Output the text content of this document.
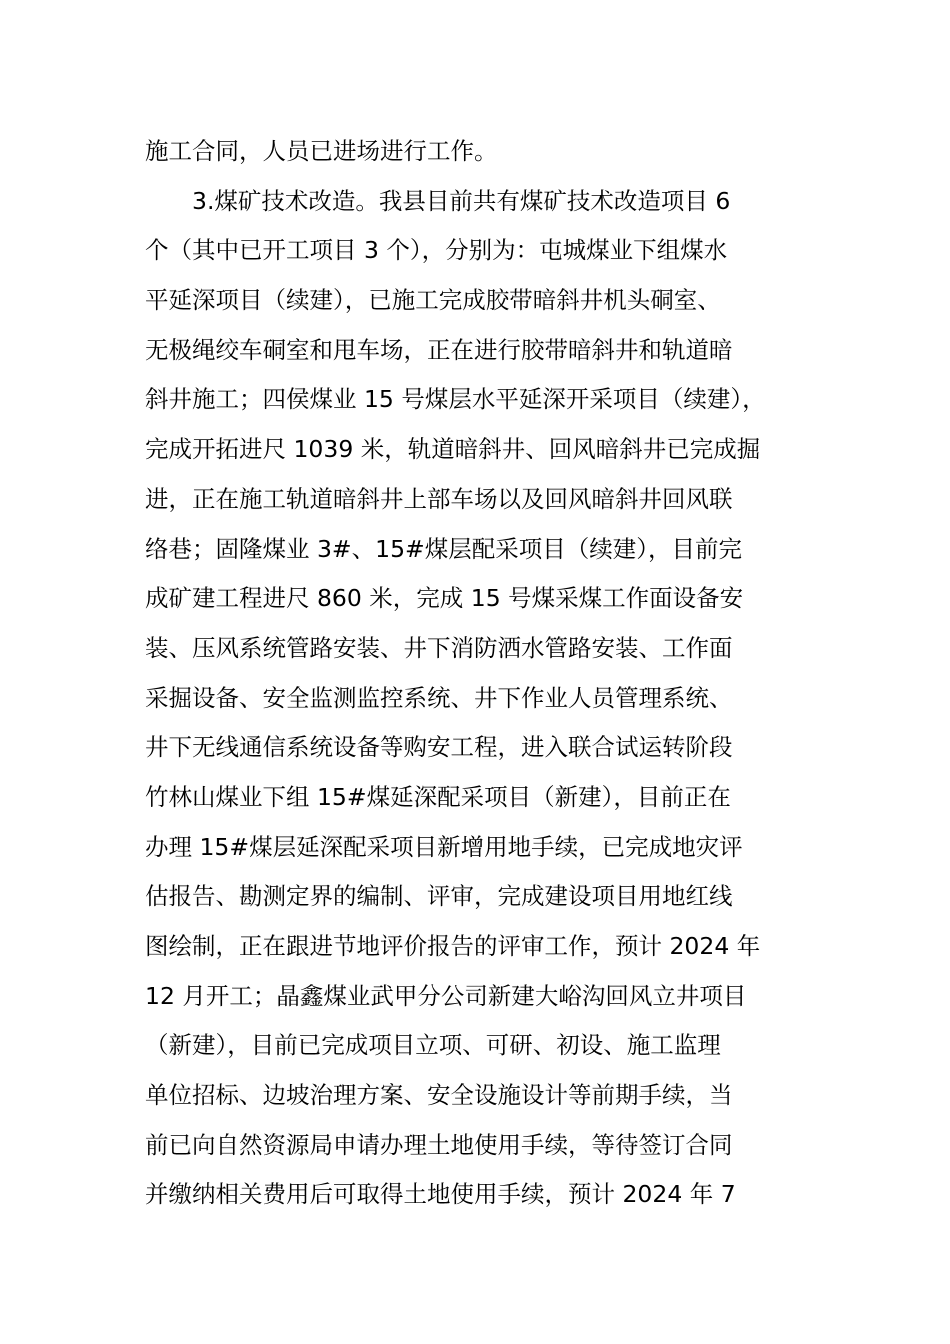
施工合同，人员已进场进行工作。
3.煤矿技术改造。我县目前共有煤矿技术改造项目 6
个（其中已开工项目 3 个），分别为：屯城煤业下组煤水
平延深项目（续建），已施工完成胶带暗斜井机头硐室、
无极绳绞车硐室和甩车场，正在进行胶带暗斜井和轨道暗
斜井施工；四侯煤业 15 号煤层水平延深开采项目（续建），
完成开拓进尺 1039 米，轨道暗斜井、回风暗斜井已完成掘
进，正在施工轨道暗斜井上部车场以及回风暗斜井回风联
络巷；固隆煤业 3#、15#煤层配采项目（续建），目前完
成矿建工程进尺 860 米，完成 15 号煤采煤工作面设备安
装、压风系统管路安装、井下消防洒水管路安装、工作面
采掘设备、安全监测监控系统、井下作业人员管理系统、
井下无线通信系统设备等购安工程，进入联合试运转阶段
竹林山煤业下组 15#煤延深配采项目（新建），目前正在
办理 15#煤层延深配采项目新增用地手续，已完成地灾评
估报告、勘测定界的编制、评审，完成建设项目用地红线
图绘制，正在跟进节地评价报告的评审工作，预计 2024 年
12 月开工；晶鑫煤业武甲分公司新建大峪沟回风立井项目
（新建），目前已完成项目立项、可研、初设、施工监理
单位招标、边坡治理方案、安全设施设计等前期手续，当
前已向自然资源局申请办理土地使用手续，等待签订合同
并缴纳相关费用后可取得土地使用手续，预计 2024 年 7
